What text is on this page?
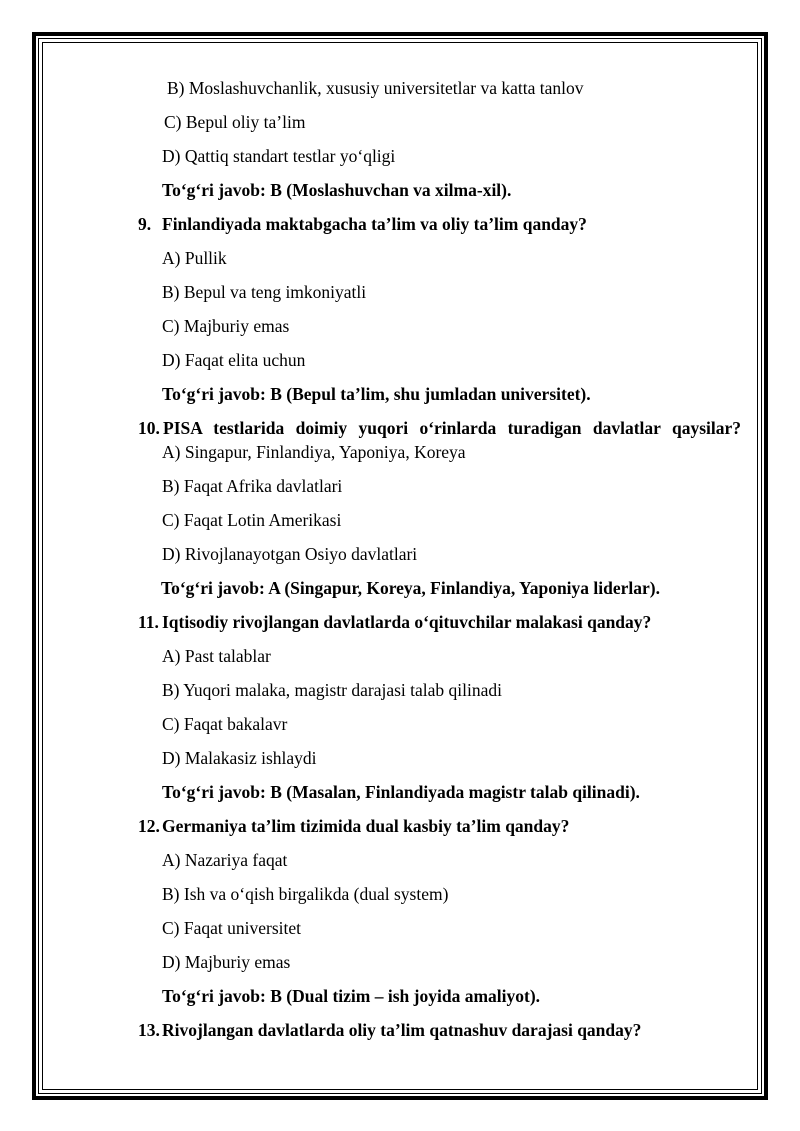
B) Moslashuvchanlik, xususiy universitetlar va katta tanlov
C) Bepul oliy ta’lim
D) Qattiq standart testlar yo‘qligi
To‘g‘ri javob: B (Moslashuvchan va xilma-xil).
9. Finlandiyada maktabgacha ta’lim va oliy ta’lim qanday?
A) Pullik
B) Bepul va teng imkoniyatli
C) Majburiy emas
D) Faqat elita uchun
To‘g‘ri javob: B (Bepul ta’lim, shu jumladan universitet).
10. PISA testlarida doimiy yuqori o‘rinlarda turadigan davlatlar qaysilar?
A) Singapur, Finlandiya, Yaponiya, Koreya
B) Faqat Afrika davlatlari
C) Faqat Lotin Amerikasi
D) Rivojlanayotgan Osiyo davlatlari
To‘g‘ri javob: A (Singapur, Koreya, Finlandiya, Yaponiya liderlar).
11. Iqtisodiy rivojlangan davlatlarda o‘qituvchilar malakasi qanday?
A) Past talablar
B) Yuqori malaka, magistr darajasi talab qilinadi
C) Faqat bakalavr
D) Malakasiz ishlaydi
To‘g‘ri javob: B (Masalan, Finlandiyada magistr talab qilinadi).
12. Germaniya ta’lim tizimida dual kasbiy ta’lim qanday?
A) Nazariya faqat
B) Ish va o‘qish birgalikda (dual system)
C) Faqat universitet
D) Majburiy emas
To‘g‘ri javob: B (Dual tizim – ish joyida amaliyot).
13. Rivojlangan davlatlarda oliy ta’lim qatnashuv darajasi qanday?
